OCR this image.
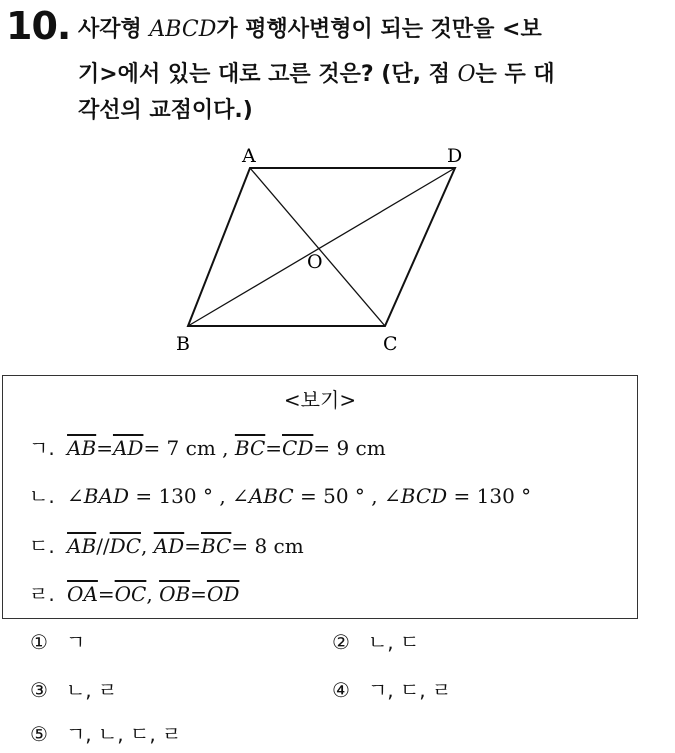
10. 사각형 ABCD가 평행사변형이 되는 것만을 <보
기>에서 있는 대로 고른 것은? (단, 점 O는 두 대
각선의 교점이다.)
A	D
B	C
O
<보기>
ㄱ. $\overline{AB}=\overline{AD}= 7$ cm , $\overline{BC}=\overline{CD}= 9$ cm
ㄴ. ∠BAD = 130 ° , ∠ABC = 50 ° , ∠BCD = 130 °
ㄷ. $\overline{AB}//\overline{DC}$, $\overline{AD}=\overline{BC}= 8$ cm
ㄹ. $\overline{OA}=\overline{OC}$, $\overline{OB}=\overline{OD}$
① ㄱ	② ㄴ, ㄷ
③ ㄴ, ㄹ	④ ㄱ, ㄷ, ㄹ
⑤ ㄱ, ㄴ, ㄷ, ㄹ
